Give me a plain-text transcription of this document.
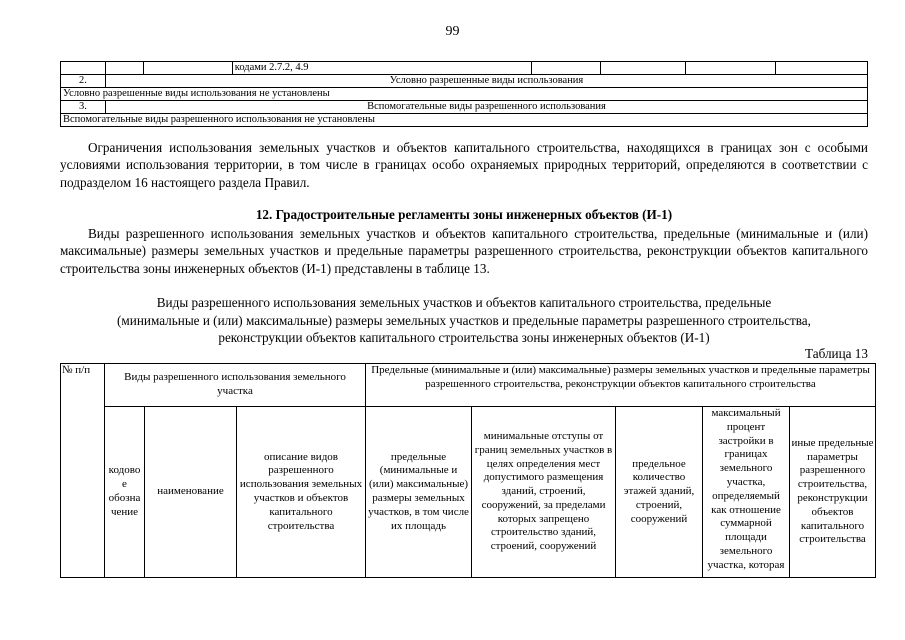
99
			кодами 2.7.2, 4.9				
2.	Условно разрешенные виды использования						
Условно разрешенные виды использования не установлены							
3.	Вспомогательные виды разрешенного использования						
Вспомогательные виды разрешенного использования не установлены							
Ограничения использования земельных участков и объектов капитального строительства, находящихся в границах зон с особыми условиями использования территории, в том числе в границах особо охраняемых природных территорий, определяются в соответствии с подразделом 16 настоящего раздела Правил.
12. Градостроительные регламенты зоны инженерных объектов (И-1)
Виды разрешенного использования земельных участков и объектов капитального строительства, предельные (минимальные и (или) максимальные) размеры земельных участков и предельные параметры разрешенного строительства, реконструкции объектов капитального строительства зоны инженерных объектов (И-1) представлены в таблице 13.
Виды разрешенного использования земельных участков и объектов капитального строительства, предельные
(минимальные и (или) максимальные) размеры земельных участков и предельные параметры разрешенного строительства,
реконструкции объектов капитального строительства зоны инженерных объектов (И-1)
Таблица 13
№ п/п	Виды разрешенного использования земельного участка			Предельные (минимальные и (или) максимальные) размеры земельных участков и предельные параметры разрешенного строительства, реконструкции объектов капитального строительства				
	кодово е обозна чение	наименование	описание видов разрешенного использования земельных участков и объектов капитального строительства	предельные (минимальные и (или) максимальные) размеры земельных участков, в том числе их площадь	минимальные отступы от границ земельных участков в целях определения мест допустимого размещения зданий, строений, сооружений, за пределами которых запрещено строительство зданий, строений, сооружений	предельное количество этажей зданий, строений, сооружений	максимальный процент застройки в границах земельного участка, определяемый как отношение суммарной площади земельного участка, которая	иные предельные параметры разрешенного строительства, реконструкции объектов капитального строительства
